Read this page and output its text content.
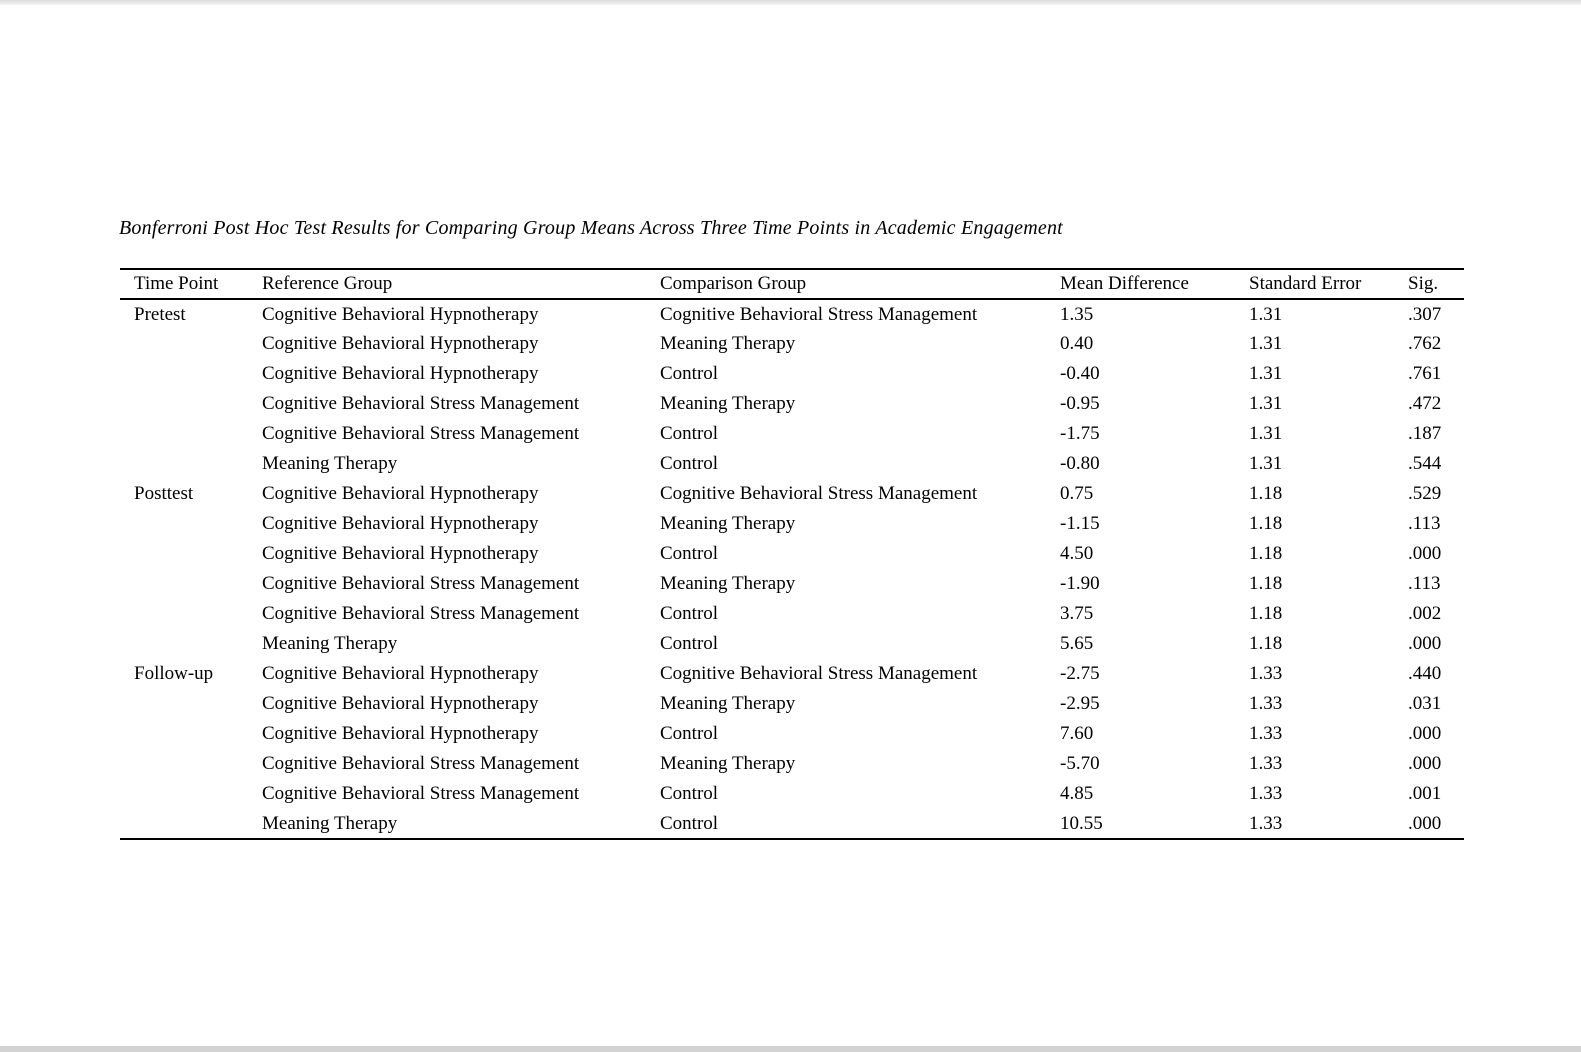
Bonferroni Post Hoc Test Results for Comparing Group Means Across Three Time Points in Academic Engagement
Time Point	Reference Group	Comparison Group	Mean Difference	Standard Error	Sig.
Pretest	Cognitive Behavioral Hypnotherapy	Cognitive Behavioral Stress Management	1.35	1.31	.307
	Cognitive Behavioral Hypnotherapy	Meaning Therapy	0.40	1.31	.762
	Cognitive Behavioral Hypnotherapy	Control	-0.40	1.31	.761
	Cognitive Behavioral Stress Management	Meaning Therapy	-0.95	1.31	.472
	Cognitive Behavioral Stress Management	Control	-1.75	1.31	.187
	Meaning Therapy	Control	-0.80	1.31	.544
Posttest	Cognitive Behavioral Hypnotherapy	Cognitive Behavioral Stress Management	0.75	1.18	.529
	Cognitive Behavioral Hypnotherapy	Meaning Therapy	-1.15	1.18	.113
	Cognitive Behavioral Hypnotherapy	Control	4.50	1.18	.000
	Cognitive Behavioral Stress Management	Meaning Therapy	-1.90	1.18	.113
	Cognitive Behavioral Stress Management	Control	3.75	1.18	.002
	Meaning Therapy	Control	5.65	1.18	.000
Follow-up	Cognitive Behavioral Hypnotherapy	Cognitive Behavioral Stress Management	-2.75	1.33	.440
	Cognitive Behavioral Hypnotherapy	Meaning Therapy	-2.95	1.33	.031
	Cognitive Behavioral Hypnotherapy	Control	7.60	1.33	.000
	Cognitive Behavioral Stress Management	Meaning Therapy	-5.70	1.33	.000
	Cognitive Behavioral Stress Management	Control	4.85	1.33	.001
	Meaning Therapy	Control	10.55	1.33	.000
